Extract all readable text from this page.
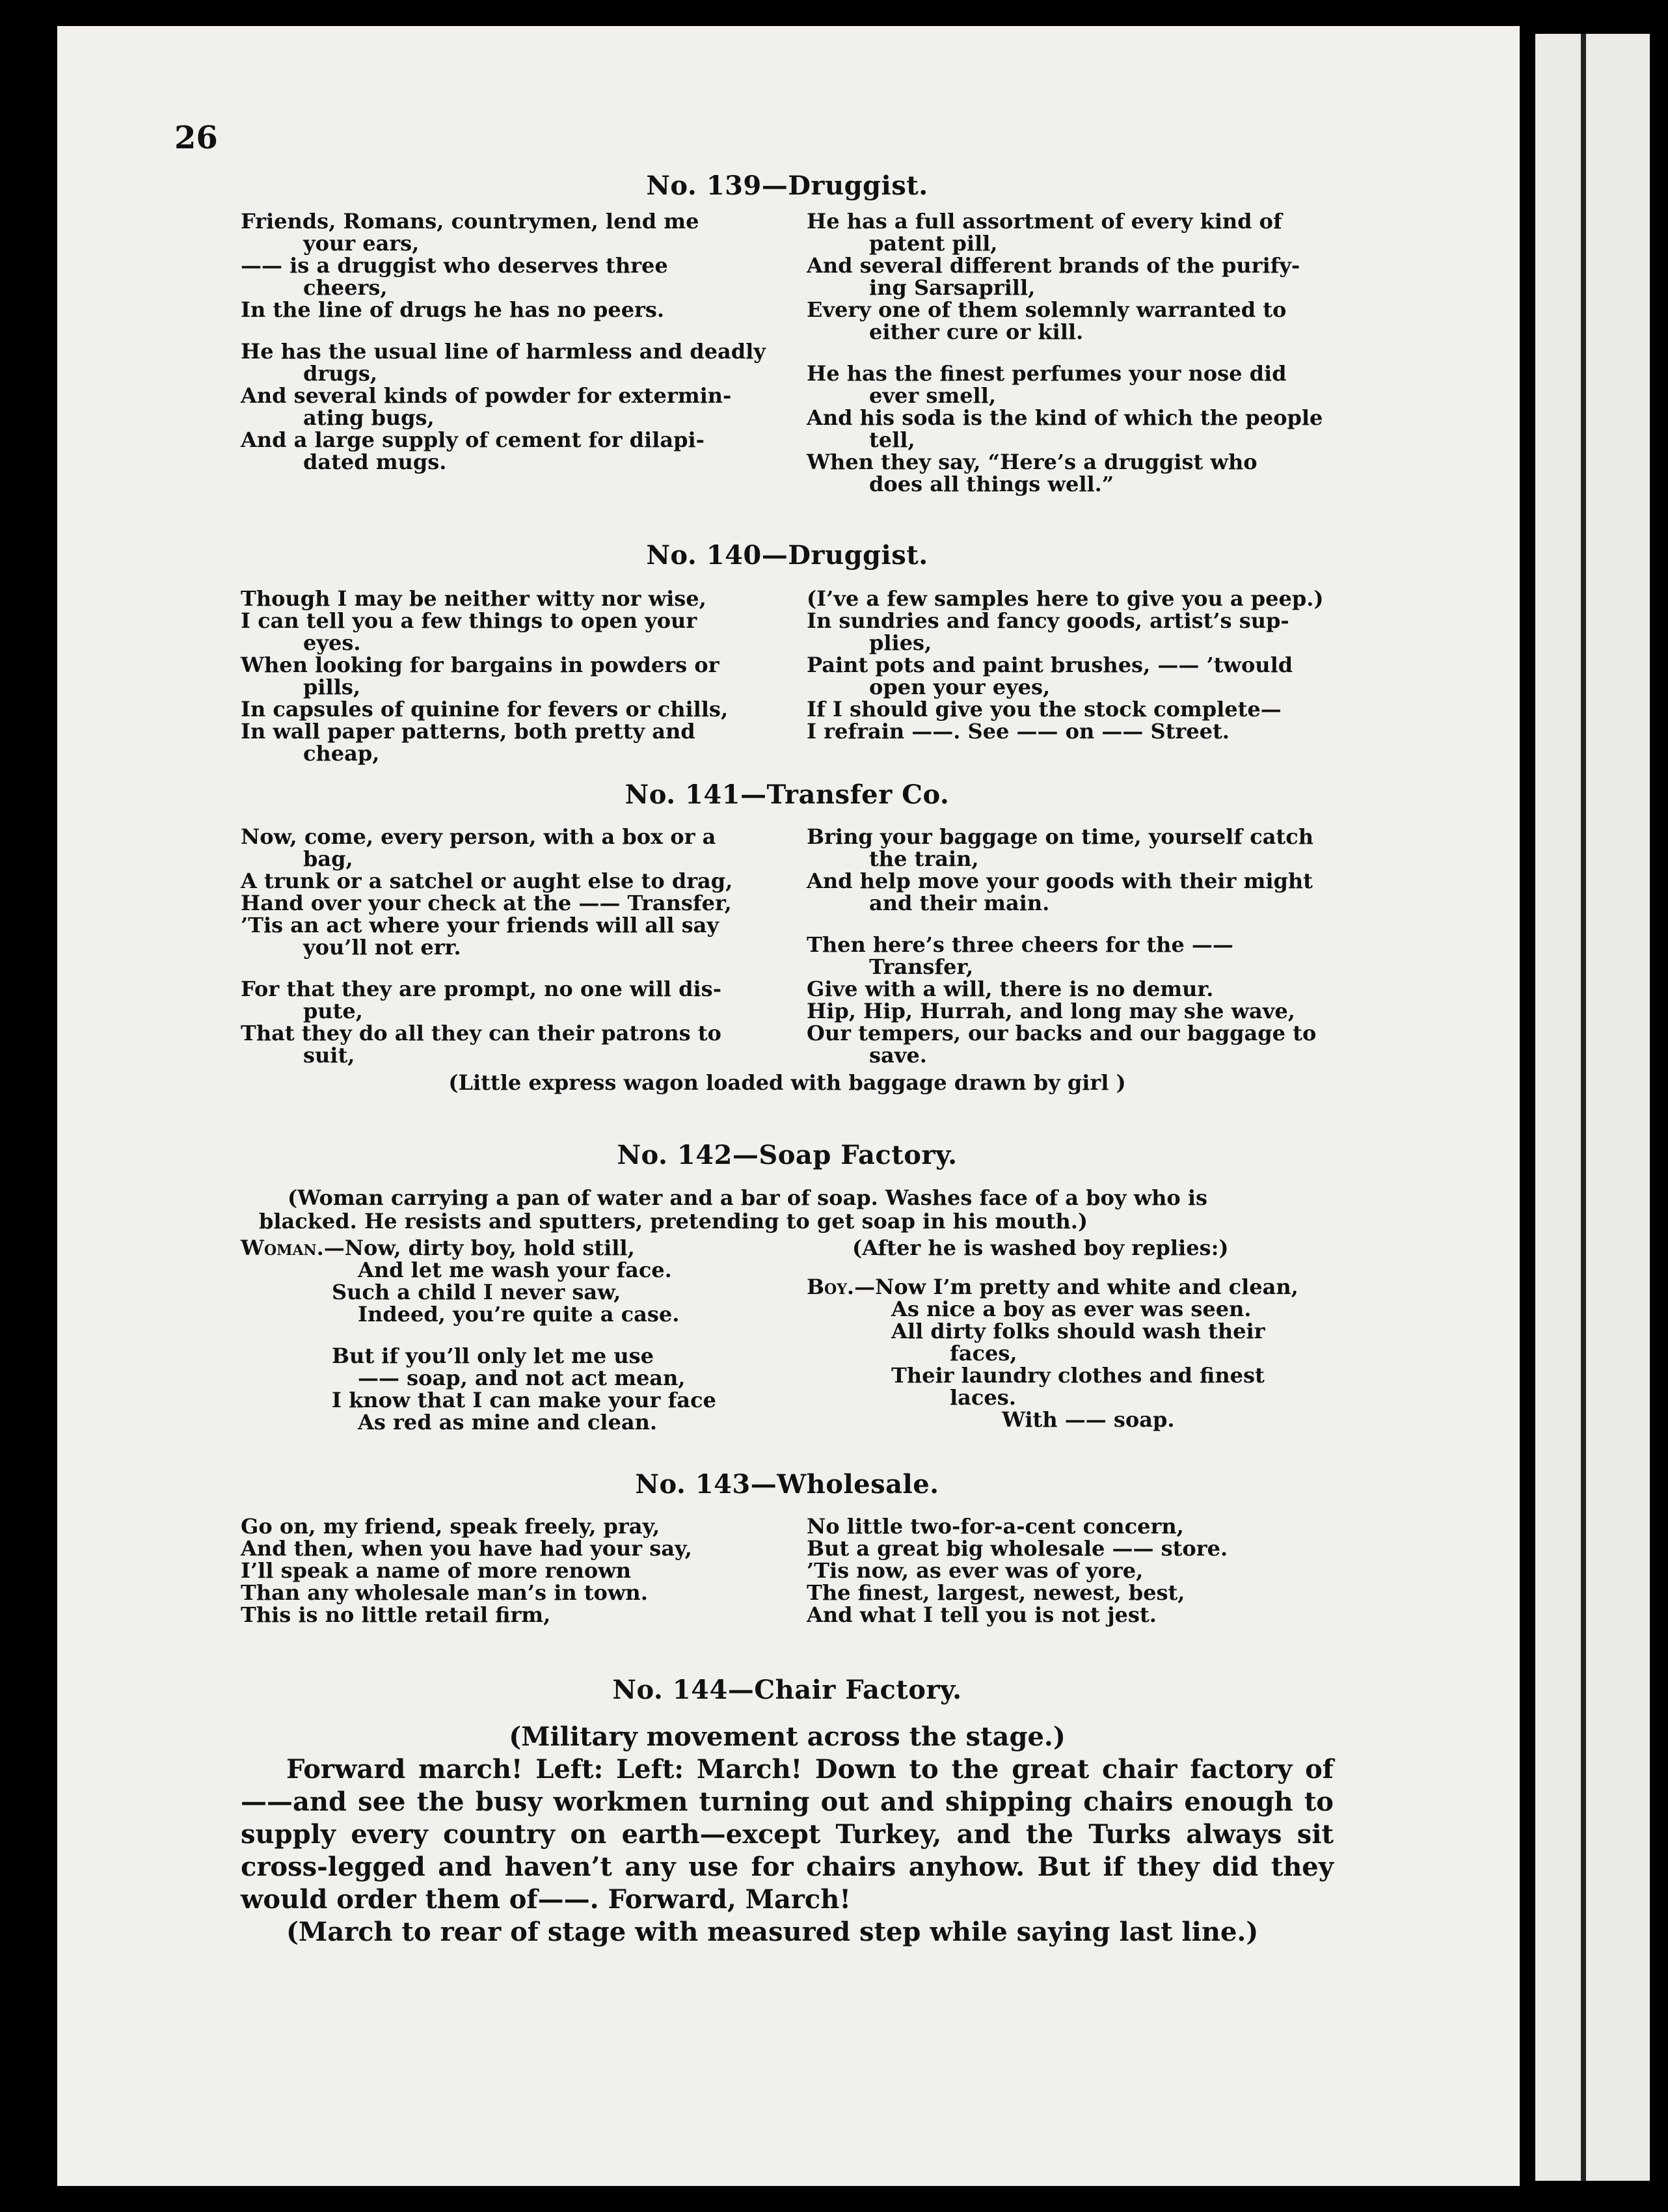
26
No. 139—Druggist.
Friends, Romans, countrymen, lend me
your ears,
—— is a druggist who deserves three
cheers,
In the line of drugs he has no peers.
He has the usual line of harmless and deadly
drugs,
And several kinds of powder for extermin-
ating bugs,
And a large supply of cement for dilapi-
dated mugs.
He has a full assortment of every kind of
patent pill,
And several different brands of the purify-
ing Sarsaprill,
Every one of them solemnly warranted to
either cure or kill.
He has the finest perfumes your nose did
ever smell,
And his soda is the kind of which the people
tell,
When they say, “Here’s a druggist who
does all things well.”
No. 140—Druggist.
Though I may be neither witty nor wise,
I can tell you a few things to open your
eyes.
When looking for bargains in powders or
pills,
In capsules of quinine for fevers or chills,
In wall paper patterns, both pretty and
cheap,
(I’ve a few samples here to give you a peep.)
In sundries and fancy goods, artist’s sup-
plies,
Paint pots and paint brushes, —— ’twould
open your eyes,
If I should give you the stock complete—
I refrain ——. See —— on —— Street.
No. 141—Transfer Co.
Now, come, every person, with a box or a
bag,
A trunk or a satchel or aught else to drag,
Hand over your check at the —— Transfer,
’Tis an act where your friends will all say
you’ll not err.
For that they are prompt, no one will dis-
pute,
That they do all they can their patrons to
suit,
Bring your baggage on time, yourself catch
the train,
And help move your goods with their might
and their main.
Then here’s three cheers for the ——
Transfer,
Give with a will, there is no demur.
Hip, Hip, Hurrah, and long may she wave,
Our tempers, our backs and our baggage to
save.
(Little express wagon loaded with baggage drawn by girl )
No. 142—Soap Factory.
(Woman carrying a pan of water and a bar of soap. Washes face of a boy who is
blacked. He resists and sputters, pretending to get soap in his mouth.)
Woman.—Now, dirty boy, hold still,
And let me wash your face.
Such a child I never saw,
Indeed, you’re quite a case.
But if you’ll only let me use
—— soap, and not act mean,
I know that I can make your face
As red as mine and clean.
(After he is washed boy replies:)
Boy.—Now I’m pretty and white and clean,
As nice a boy as ever was seen.
All dirty folks should wash their
faces,
Their laundry clothes and finest
laces.
With —— soap.
No. 143—Wholesale.
Go on, my friend, speak freely, pray,
And then, when you have had your say,
I’ll speak a name of more renown
Than any wholesale man’s in town.
This is no little retail firm,
No little two-for-a-cent concern,
But a great big wholesale —— store.
’Tis now, as ever was of yore,
The finest, largest, newest, best,
And what I tell you is not jest.
No. 144—Chair Factory.
(Military movement across the stage.)
Forward march! Left: Left: March! Down to the great chair factory of——and see the busy workmen turning out and shipping chairs enough to supply every country on earth—except Turkey, and the Turks always sit cross-legged and haven’t any use for chairs anyhow. But if they did they would order them of——. Forward, March!
(March to rear of stage with measured step while saying last line.)
